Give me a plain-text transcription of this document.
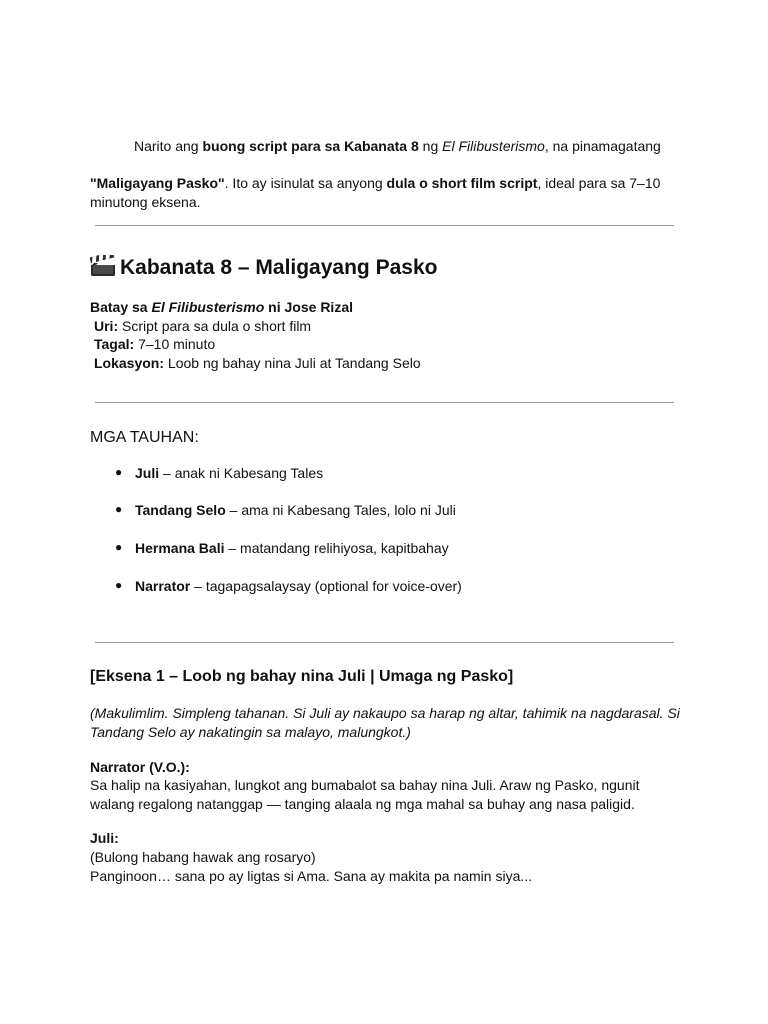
Narito ang buong script para sa Kabanata 8 ng El Filibusterismo, na pinamagatang

"Maligayang Pasko". Ito ay isinulat sa anyong dula o short film script, ideal para sa 7–10

minutong eksena.

Kabanata 8 – Maligayang Pasko

Batay sa El Filibusterismo ni Jose Rizal

Uri: Script para sa dula o short film

Tagal: 7–10 minuto

Lokasyon: Loob ng bahay nina Juli at Tandang Selo

MGA TAUHAN:
● Juli – anak ni Kabesang Tales

● Tandang Selo – ama ni Kabesang Tales, lolo ni Juli

● Hermana Bali – matandang relihiyosa, kapitbahay

● Narrator – tagapagsalaysay (optional for voice-over)

[Eksena 1 – Loob ng bahay nina Juli | Umaga ng Pasko]

(Makulimlim. Simpleng tahanan. Si Juli ay nakaupo sa harap ng altar, tahimik na nagdarasal. Si

Tandang Selo ay nakatingin sa malayo, malungkot.)

Narrator (V.O.):

Sa halip na kasiyahan, lungkot ang bumabalot sa bahay nina Juli. Araw ng Pasko, ngunit

walang regalong natanggap — tanging alaala ng mga mahal sa buhay ang nasa paligid.

Juli:

(Bulong habang hawak ang rosaryo)

Panginoon… sana po ay ligtas si Ama. Sana ay makita pa namin siya...
